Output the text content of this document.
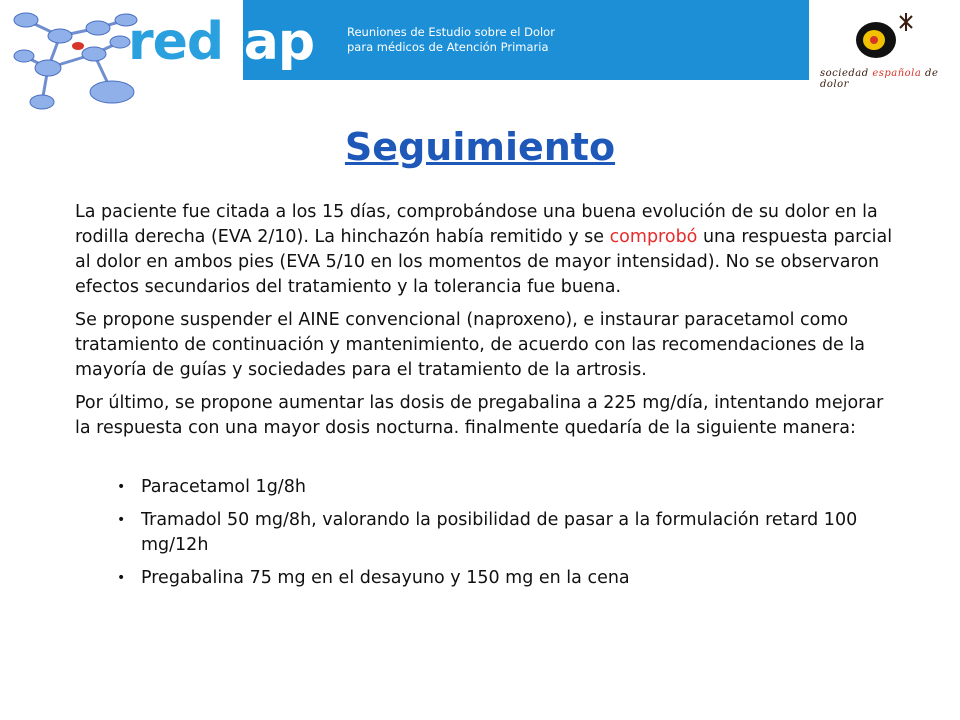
red-ap	Reuniones de Estudio sobre el Dolor
para médicos de Atención Primaria
sociedad española de dolor
Seguimiento

La paciente fue citada a los 15 días, comprobándose una buena evolución de su dolor en la rodilla derecha (EVA 2/10). La hinchazón había remitido y se comprobó una respuesta parcial al dolor en ambos pies (EVA 5/10 en los momentos de mayor intensidad). No se observaron efectos secundarios del tratamiento y la tolerancia fue buena.

Se propone suspender el AINE convencional (naproxeno), e instaurar paracetamol como tratamiento de continuación y mantenimiento, de acuerdo con las recomendaciones de la mayoría de guías y sociedades para el tratamiento de la artrosis.

Por último, se propone aumentar las dosis de pregabalina a 225 mg/día, intentando mejorar la respuesta con una mayor dosis nocturna. finalmente quedaría de la siguiente manera:

• Paracetamol 1g/8h
• Tramadol 50 mg/8h, valorando la posibilidad de pasar a la formulación retard 100 mg/12h
• Pregabalina 75 mg en el desayuno y 150 mg en la cena
